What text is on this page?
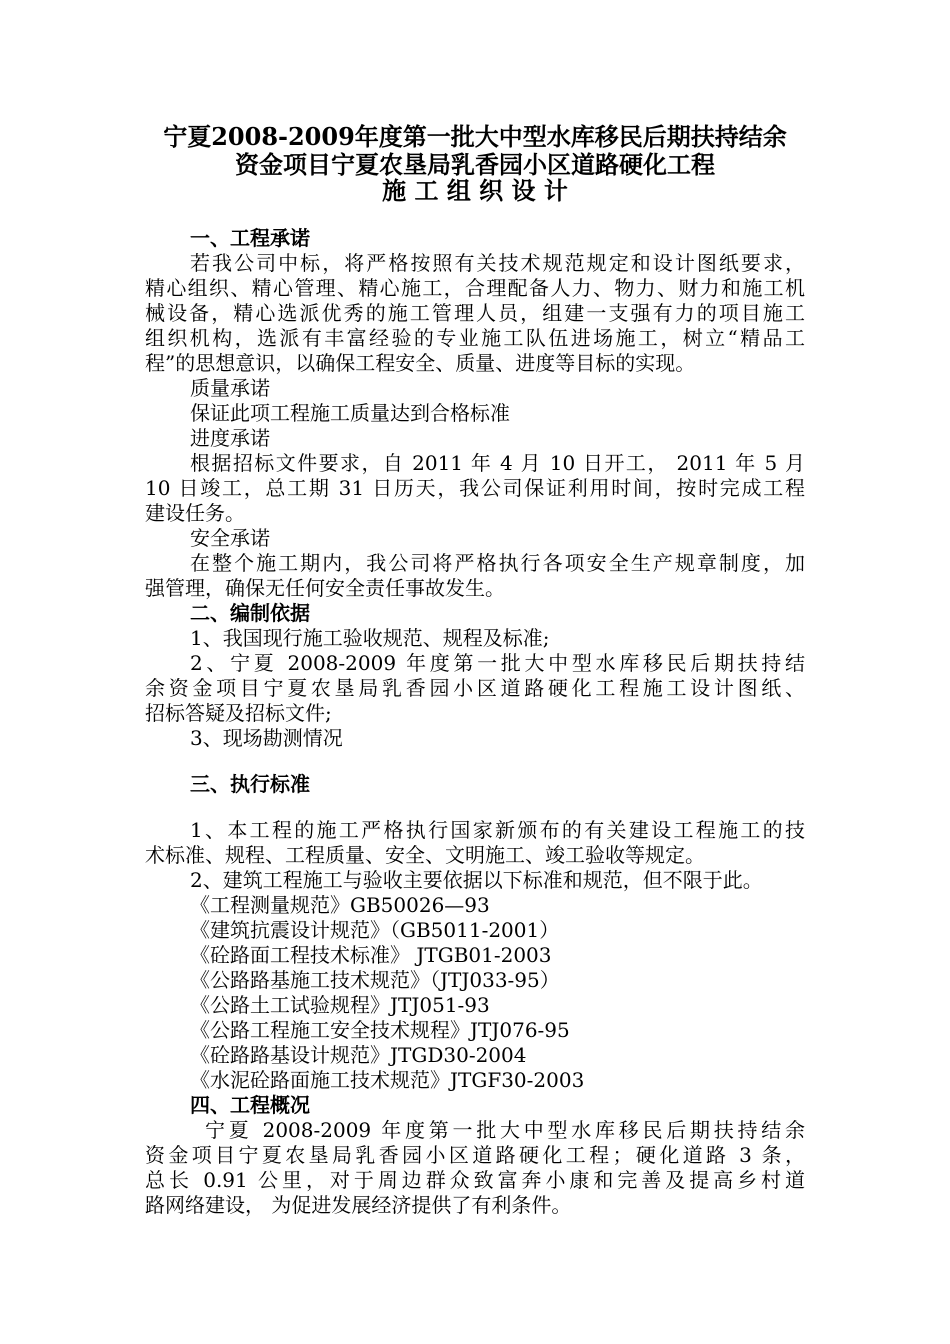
宁夏2008-2009年度第一批大中型水库移民后期扶持结余
资金项目宁夏农垦局乳香园小区道路硬化工程
施 工 组 织 设 计
一、工程承诺
若我公司中标，将严格按照有关技术规范规定和设计图纸要求，
精心组织、精心管理、精心施工，合理配备人力、物力、财力和施工机
械设备，精心选派优秀的施工管理人员，组建一支强有力的项目施工
组织机构，选派有丰富经验的专业施工队伍进场施工，树立“精品工
程”的思想意识，以确保工程安全、质量、进度等目标的实现。
质量承诺
保证此项工程施工质量达到合格标准
进度承诺
根据招标文件要求，自 2011 年 4 月 10 日开工， 2011 年 5 月
10 日竣工，总工期 31 日历天，我公司保证利用时间，按时完成工程
建设任务。
安全承诺
在整个施工期内，我公司将严格执行各项安全生产规章制度，加
强管理，确保无任何安全责任事故发生。
二、编制依据
1、我国现行施工验收规范、规程及标准;
2、宁夏 2008-2009 年度第一批大中型水库移民后期扶持结
余资金项目宁夏农垦局乳香园小区道路硬化工程施工设计图纸、
招标答疑及招标文件;
3、现场勘测情况
三、执行标准
1、本工程的施工严格执行国家新颁布的有关建设工程施工的技
术标准、规程、工程质量、安全、文明施工、竣工验收等规定。
2、建筑工程施工与验收主要依据以下标准和规范，但不限于此。
《工程测量规范》GB50026—93
《建筑抗震设计规范》（GB5011-2001）
《砼路面工程技术标准》 JTGB01-2003
《公路路基施工技术规范》（JTJ033-95）
《公路土工试验规程》JTJ051-93
《公路工程施工安全技术规程》JTJ076-95
《砼路路基设计规范》JTGD30-2004
《水泥砼路面施工技术规范》JTGF30-2003
四、工程概况
宁夏 2008-2009 年度第一批大中型水库移民后期扶持结余
资金项目宁夏农垦局乳香园小区道路硬化工程；硬化道路 3 条，
总长 0.91 公里，对于周边群众致富奔小康和完善及提高乡村道
路网络建设， 为促进发展经济提供了有利条件。
